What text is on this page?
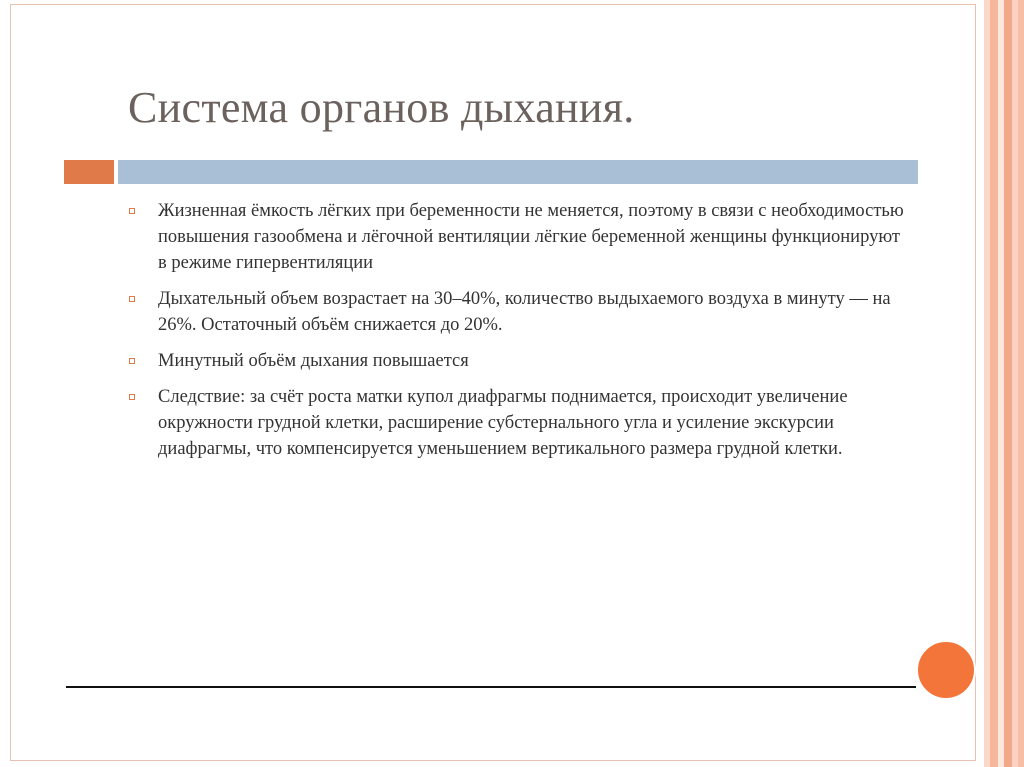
Система органов дыхания.
Жизненная ёмкость лёгких при беременности не меняется, поэтому в связи с необходимостью повышения газообмена и лёгочной вентиляции лёгкие беременной женщины функционируют в режиме гипервентиляции
Дыхательный объем возрастает на 30–40%, количество выдыхаемого воздуха в минуту — на 26%. Остаточный объём снижается до 20%.
Минутный объём дыхания повышается
Следствие: за счёт роста матки купол диафрагмы поднимается, происходит увеличение окружности грудной клетки, расширение субстернального угла и усиление экскурсии диафрагмы, что компенсируется уменьшением вертикального размера грудной клетки.
